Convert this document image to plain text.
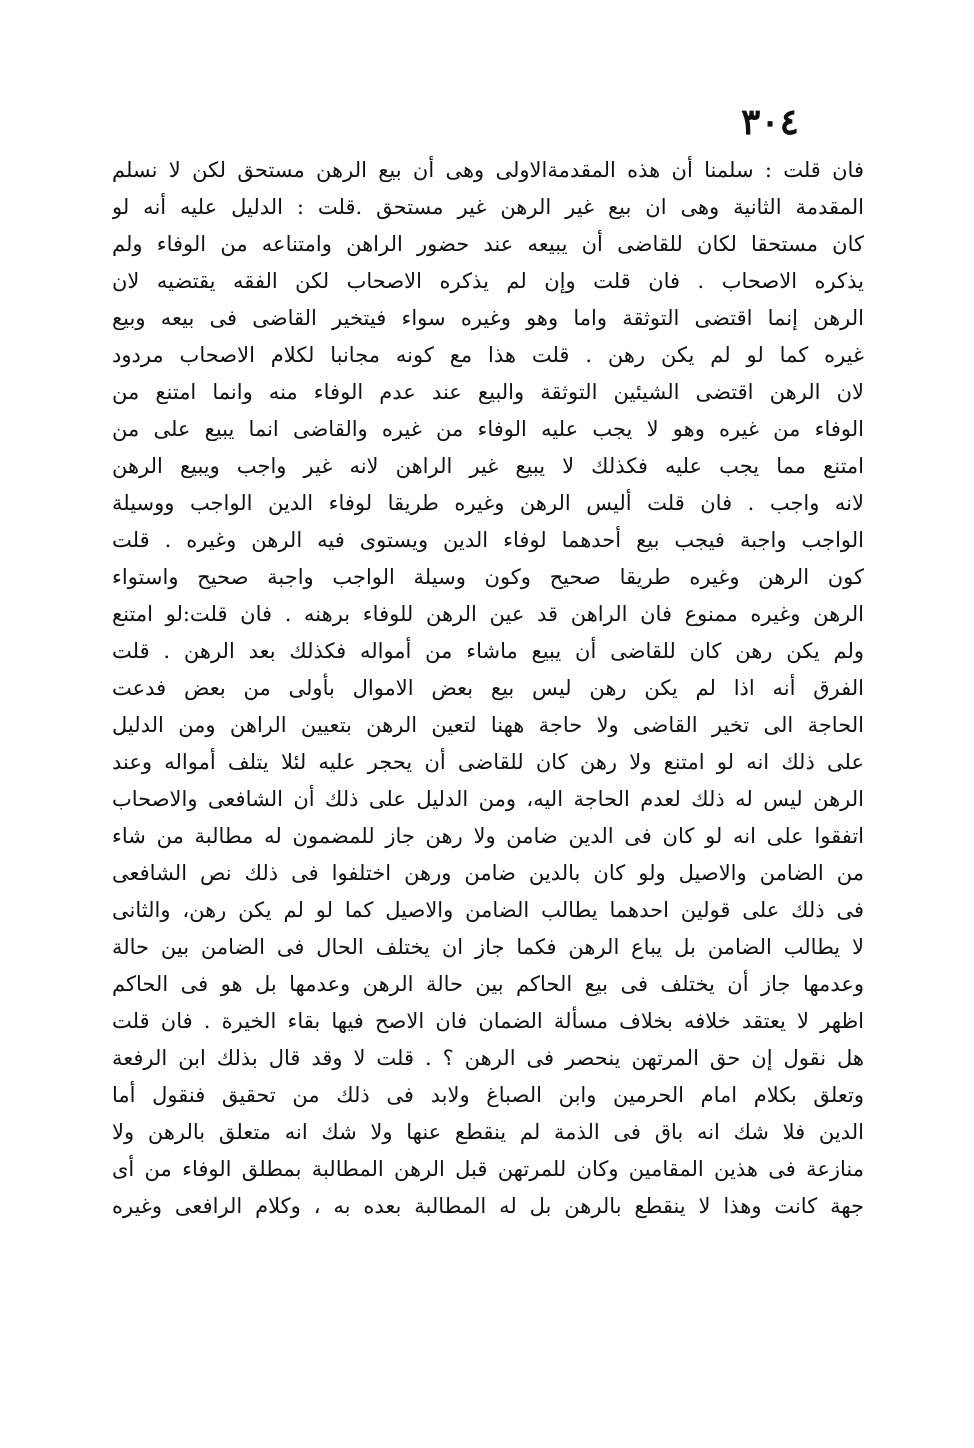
٣٠٤
فان قلت : سلمنا أن هذه المقدمةالاولى وهى أن بيع الرهن مستحق لكن لا نسلم
المقدمة الثانية وهى ان بيع غير الرهن غير مستحق .قلت : الدليل عليه أنه لو
كان مستحقا لكان للقاضى أن يبيعه عند حضور الراهن وامتناعه من الوفاء ولم
يذكره الاصحاب . فان قلت وإن لم يذكره الاصحاب لكن الفقه يقتضيه لان
الرهن إنما اقتضى التوثقة واما وهو وغيره سواء فيتخير القاضى فى بيعه وبيع
غيره كما لو لم يكن رهن . قلت هذا مع كونه مجانبا لكلام الاصحاب مردود
لان الرهن اقتضى الشيئين التوثقة والبيع عند عدم الوفاء منه وانما امتنع من
الوفاء من غيره وهو لا يجب عليه الوفاء من غيره والقاضى انما يبيع على من
امتنع مما يجب عليه فكذلك لا يبيع غير الراهن لانه غير واجب ويبيع الرهن
لانه واجب . فان قلت أليس الرهن وغيره طريقا لوفاء الدين الواجب ووسيلة
الواجب واجبة فيجب بيع أحدهما لوفاء الدين ويستوى فيه الرهن وغيره . قلت
كون الرهن وغيره طريقا صحيح وكون وسيلة الواجب واجبة صحيح واستواء
الرهن وغيره ممنوع فان الراهن قد عين الرهن للوفاء برهنه . فان قلت:لو امتنع
ولم يكن رهن كان للقاضى أن يبيع ماشاء من أمواله فكذلك بعد الرهن . قلت
الفرق أنه اذا لم يكن رهن ليس بيع بعض الاموال بأولى من بعض فدعت
الحاجة الى تخير القاضى ولا حاجة ههنا لتعين الرهن بتعيين الراهن ومن الدليل
على ذلك انه لو امتنع ولا رهن كان للقاضى أن يحجر عليه لئلا يتلف أمواله وعند
الرهن ليس له ذلك لعدم الحاجة اليه، ومن الدليل على ذلك أن الشافعى والاصحاب
اتفقوا على انه لو كان فى الدين ضامن ولا رهن جاز للمضمون له مطالبة من شاء
من الضامن والاصيل ولو كان بالدين ضامن ورهن اختلفوا فى ذلك نص الشافعى
فى ذلك على قولين احدهما يطالب الضامن والاصيل كما لو لم يكن رهن، والثانى
لا يطالب الضامن بل يباع الرهن فكما جاز ان يختلف الحال فى الضامن بين حالة
وعدمها جاز أن يختلف فى بيع الحاكم بين حالة الرهن وعدمها بل هو فى الحاكم
اظهر لا يعتقد خلافه بخلاف مسألة الضمان فان الاصح فيها بقاء الخيرة . فان قلت
هل نقول إن حق المرتهن ينحصر فى الرهن ؟ . قلت لا وقد قال بذلك ابن الرفعة
وتعلق بكلام امام الحرمين وابن الصباغ ولابد فى ذلك من تحقيق فنقول أما
الدين فلا شك انه باق فى الذمة لم ينقطع عنها ولا شك انه متعلق بالرهن ولا
منازعة فى هذين المقامين وكان للمرتهن قبل الرهن المطالبة بمطلق الوفاء من أى
جهة كانت وهذا لا ينقطع بالرهن بل له المطالبة بعده به ، وكلام الرافعى وغيره
